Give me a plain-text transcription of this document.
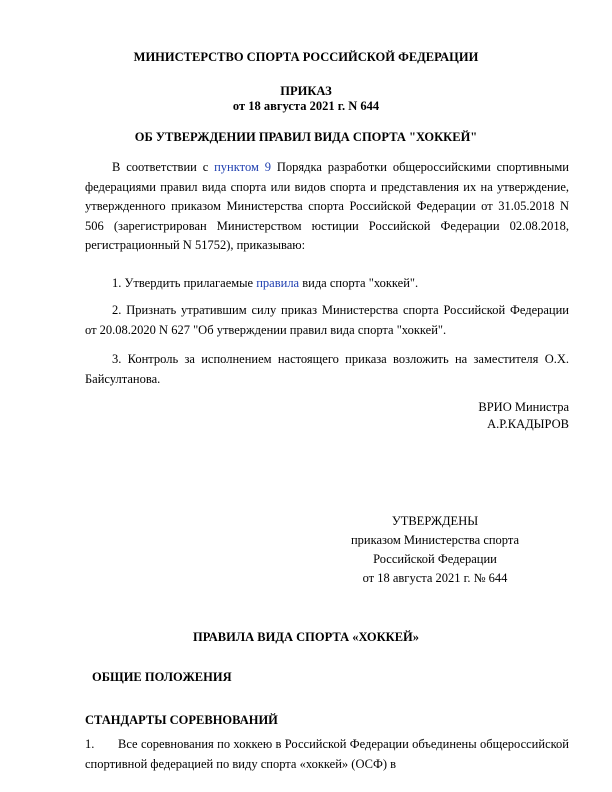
МИНИСТЕРСТВО СПОРТА РОССИЙСКОЙ ФЕДЕРАЦИИ
ПРИКАЗ
от 18 августа 2021 г. N 644
ОБ УТВЕРЖДЕНИИ ПРАВИЛ ВИДА СПОРТА "ХОККЕЙ"
В соответствии с пунктом 9 Порядка разработки общероссийскими спортивными федерациями правил вида спорта или видов спорта и представления их на утверждение, утвержденного приказом Министерства спорта Российской Федерации от 31.05.2018 N 506 (зарегистрирован Министерством юстиции Российской Федерации 02.08.2018, регистрационный N 51752), приказываю:
1. Утвердить прилагаемые правила вида спорта "хоккей".
2. Признать утратившим силу приказ Министерства спорта Российской Федерации от 20.08.2020 N 627 "Об утверждении правил вида спорта "хоккей".
3. Контроль за исполнением настоящего приказа возложить на заместителя О.Х. Байсултанова.
ВРИО Министра
А.Р.КАДЫРОВ
УТВЕРЖДЕНЫ
приказом Министерства спорта
Российской Федерации
от 18 августа 2021 г. № 644
ПРАВИЛА ВИДА СПОРТА «ХОККЕЙ»
ОБЩИЕ ПОЛОЖЕНИЯ
СТАНДАРТЫ СОРЕВНОВАНИЙ
1. Все соревнования по хоккею в Российской Федерации объединены общероссийской спортивной федерацией по виду спорта «хоккей» (ОСФ) в
